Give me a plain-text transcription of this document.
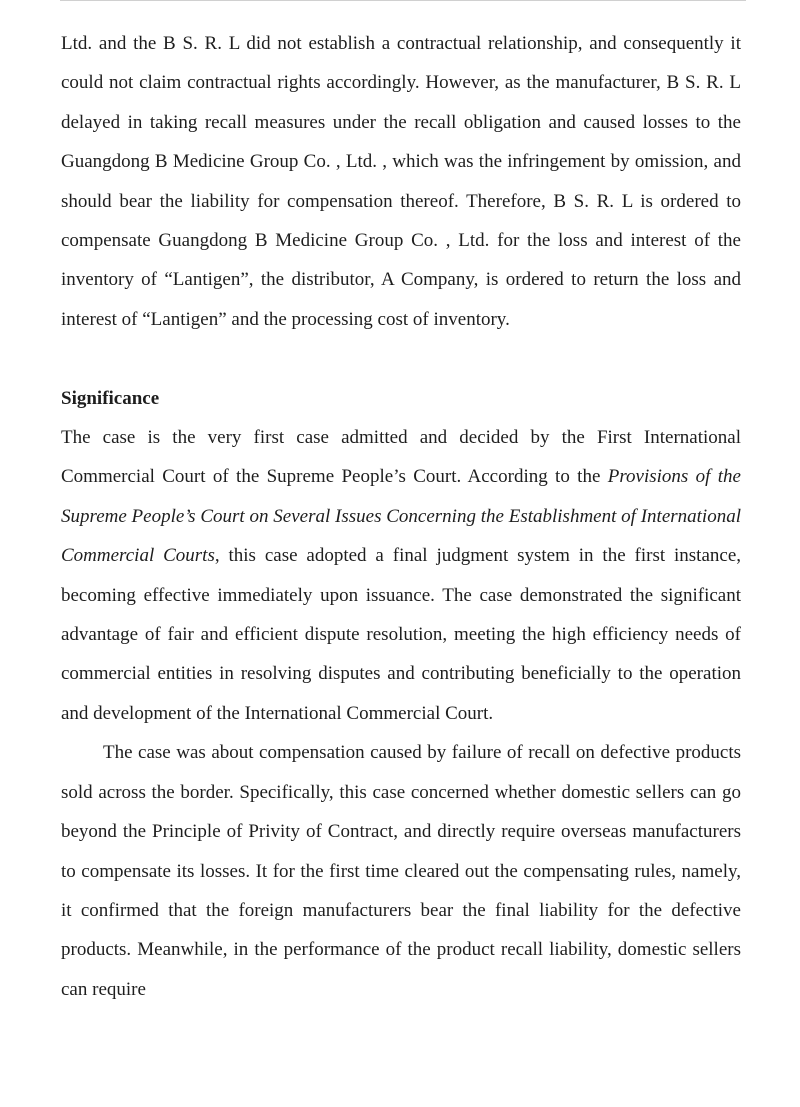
Ltd. and the B S. R. L did not establish a contractual relationship, and consequently it could not claim contractual rights accordingly. However, as the manufacturer, B S. R. L delayed in taking recall measures under the recall obligation and caused losses to the Guangdong B Medicine Group Co. , Ltd. , which was the infringement by omission, and should bear the liability for compensation thereof. Therefore, B S. R. L is ordered to compensate Guangdong B Medicine Group Co. , Ltd. for the loss and interest of the inventory of “Lantigen”, the distributor, A Company, is ordered to return the loss and interest of “Lantigen” and the processing cost of inventory.

Significance

The case is the very first case admitted and decided by the First International Commercial Court of the Supreme People’s Court. According to the Provisions of the Supreme People’s Court on Several Issues Concerning the Establishment of International Commercial Courts, this case adopted a final judgment system in the first instance, becoming effective immediately upon issuance. The case demonstrated the significant advantage of fair and efficient dispute resolution, meeting the high efficiency needs of commercial entities in resolving disputes and contributing beneficially to the operation and development of the International Commercial Court.

The case was about compensation caused by failure of recall on defective products sold across the border. Specifically, this case concerned whether domestic sellers can go beyond the Principle of Privity of Contract, and directly require overseas manufacturers to compensate its losses. It for the first time cleared out the compensating rules, namely, it confirmed that the foreign manufacturers bear the final liability for the defective products. Meanwhile, in the performance of the product recall liability, domestic sellers can require
